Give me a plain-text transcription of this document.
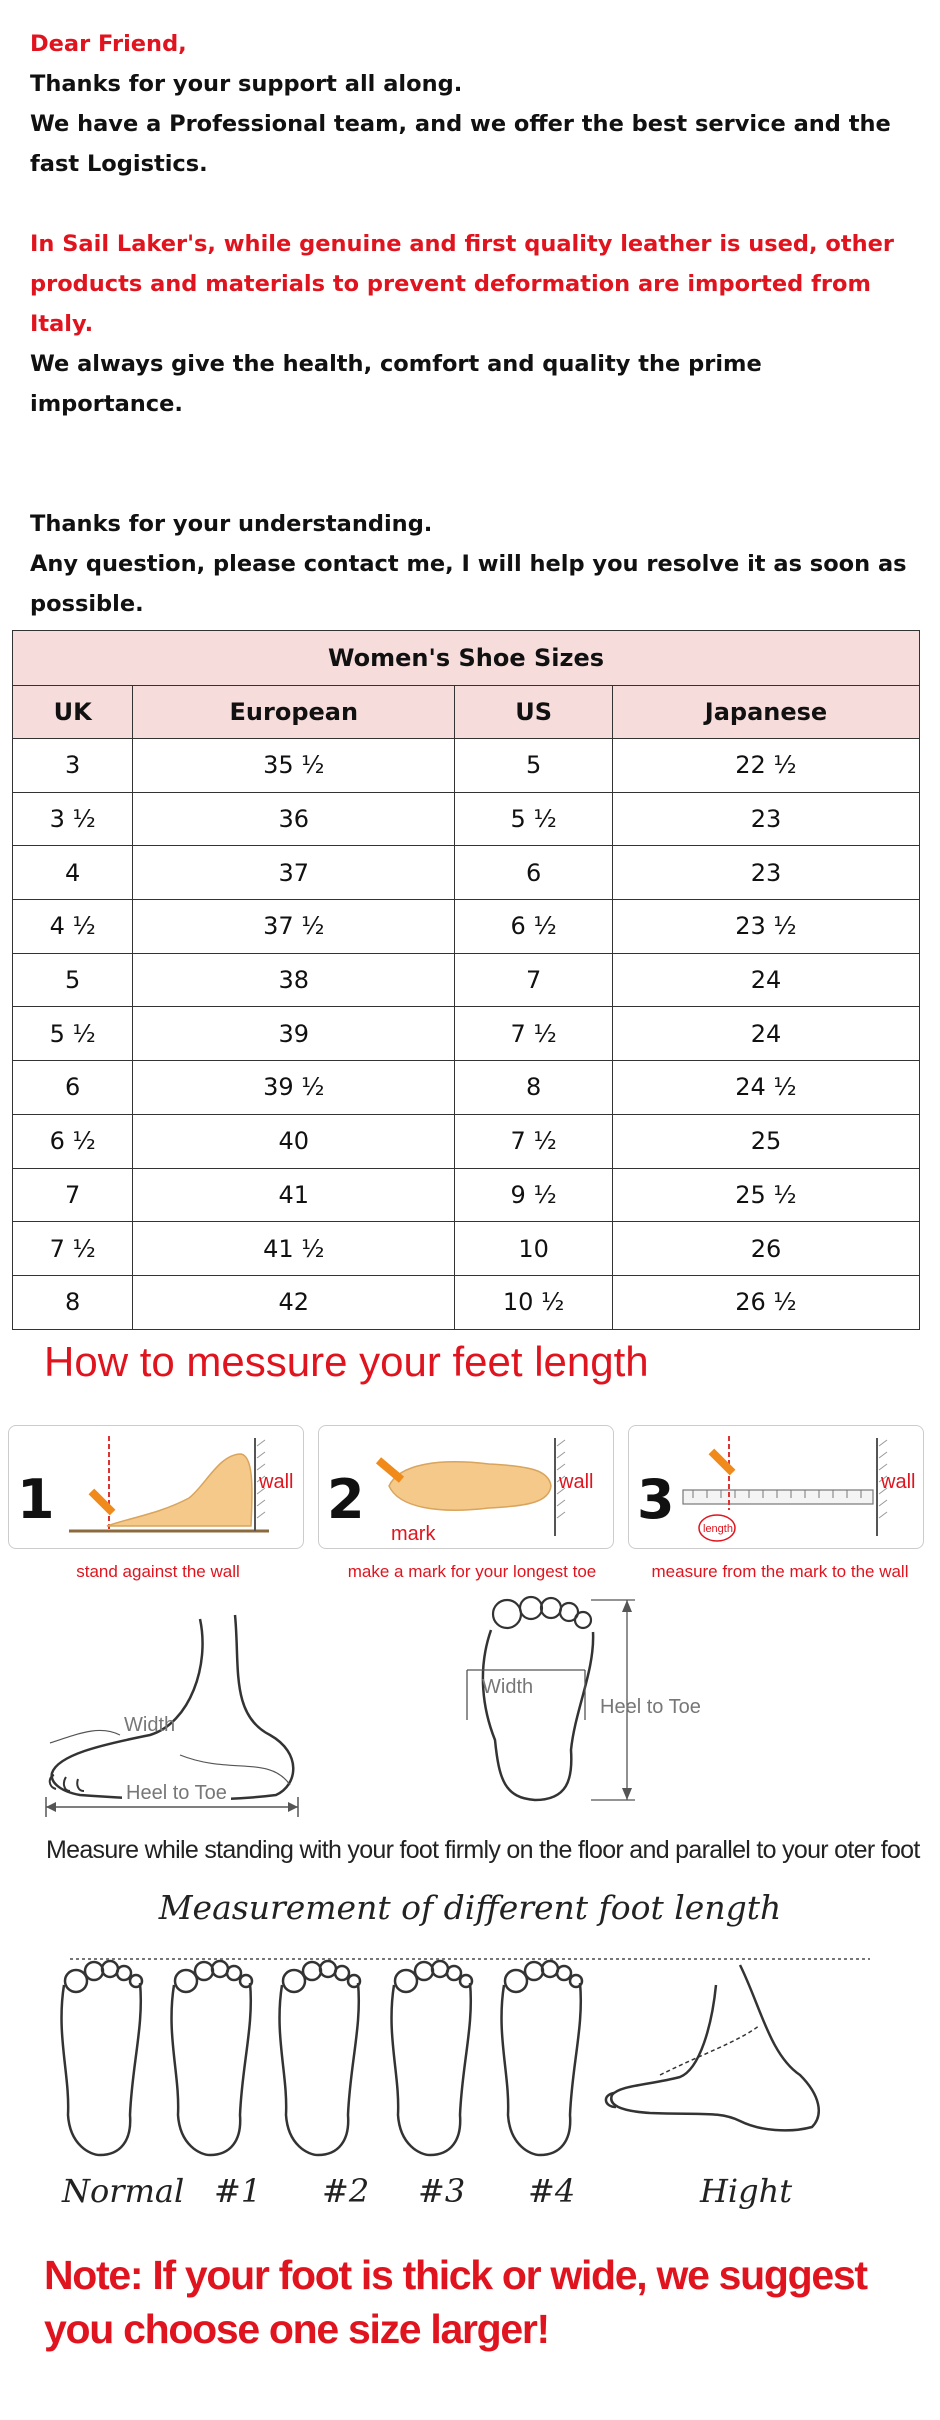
Dear Friend,

Thanks for your support all along.

We have a Professional team, and we offer the best service and the fast Logistics.

In Sail Laker's, while genuine and first quality leather is used, other products and materials to prevent deformation are imported from Italy.

We always give the health, comfort and quality the prime importance.

Thanks for your understanding.

Any question, please contact me, I will help you resolve it as soon as possible.

Women's Shoe Sizes			
UK	European	US	Japanese
3	35 ½	5	22 ½
3 ½	36	5 ½	23
4	37	6	23
4 ½	37 ½	6 ½	23 ½
5	38	7	24
5 ½	39	7 ½	24
6	39 ½	8	24 ½
6 ½	40	7 ½	25
7	41	9 ½	25 ½
7 ½	41 ½	10	26
8	42	10 ½	26 ½
How to messure your feet length
1	wall 2	wall
mark
3	length
wall
stand against the wall	make a mark for your longest toe	measure from the mark to the wall
Width
Heel to Toe
Width
Heel to Toe
Measure while standing with your foot firmly on the floor and parallel to your oter foot
Measurement of different foot length
Normal #1 #2 #3 #4	Hight
Note: If your foot is thick or wide, we suggest you choose one size larger!
